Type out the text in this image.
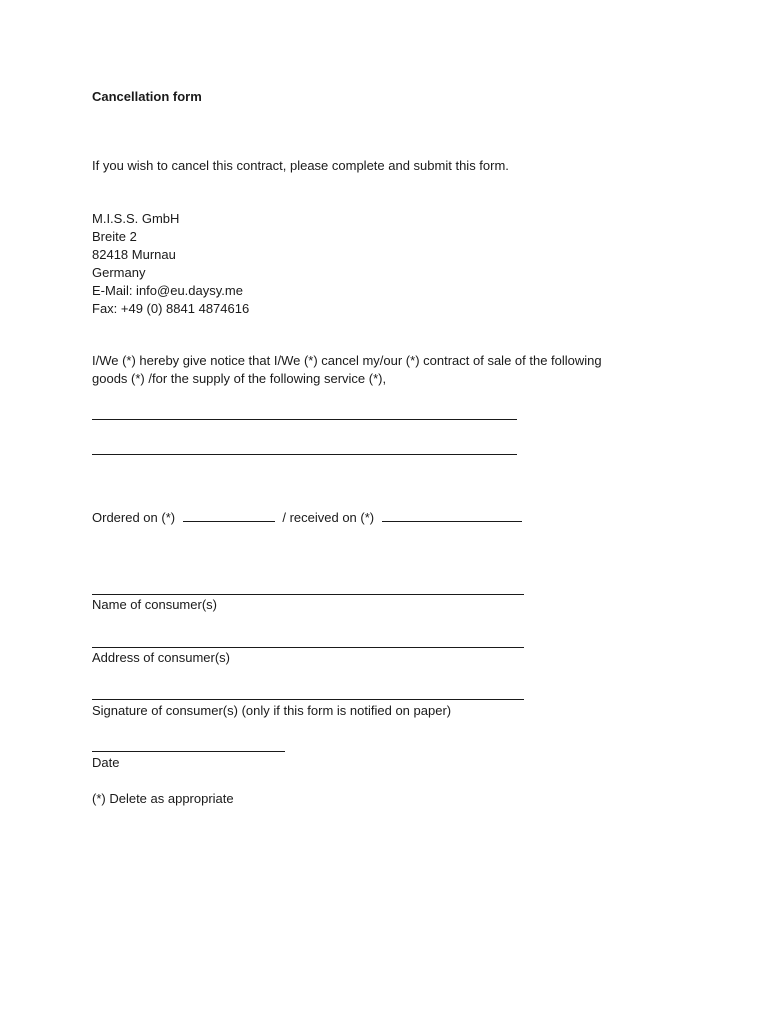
Cancellation form
If you wish to cancel this contract, please complete and submit this form.
M.I.S.S. GmbH
Breite 2
82418 Murnau
Germany
E-Mail: info@eu.daysy.me
Fax: +49 (0) 8841 4874616
I/We (*) hereby give notice that I/We (*) cancel my/our (*) contract of sale of the following
goods (*) /for the supply of the following service (*),
Ordered on (*)	/ received on (*)
Name of consumer(s)
Address of consumer(s)
Signature of consumer(s) (only if this form is notified on paper)
Date
(*) Delete as appropriate
